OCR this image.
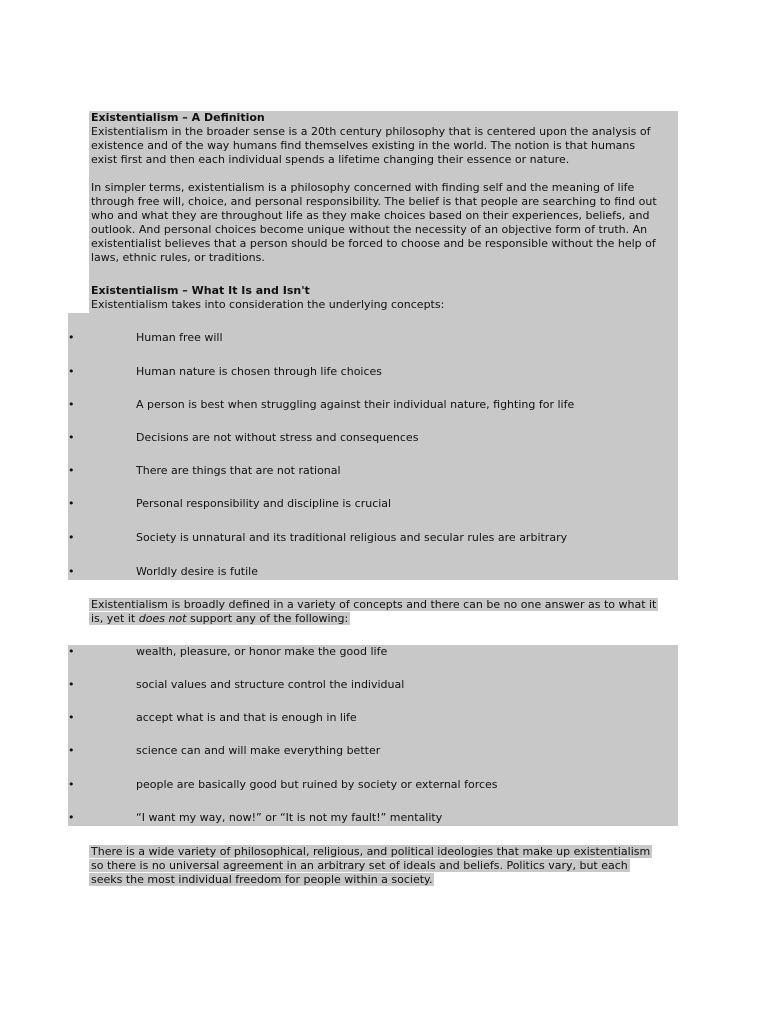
Existentialism – A Definition
Existentialism in the broader sense is a 20th century philosophy that is centered upon the analysis of
existence and of the way humans find themselves existing in the world. The notion is that humans
exist first and then each individual spends a lifetime changing their essence or nature.
In simpler terms, existentialism is a philosophy concerned with finding self and the meaning of life
through free will, choice, and personal responsibility. The belief is that people are searching to find out
who and what they are throughout life as they make choices based on their experiences, beliefs, and
outlook. And personal choices become unique without the necessity of an objective form of truth. An
existentialist believes that a person should be forced to choose and be responsible without the help of
laws, ethnic rules, or traditions.
Existentialism – What It Is and Isn't
Existentialism takes into consideration the underlying concepts:
•	Human free will
•	Human nature is chosen through life choices
•	A person is best when struggling against their individual nature, fighting for life
•	Decisions are not without stress and consequences
•	There are things that are not rational
•	Personal responsibility and discipline is crucial
•	Society is unnatural and its traditional religious and secular rules are arbitrary
•	Worldly desire is futile
Existentialism is broadly defined in a variety of concepts and there can be no one answer as to what it
is, yet it does not support any of the following:
•	wealth, pleasure, or honor make the good life
•	social values and structure control the individual
•	accept what is and that is enough in life
•	science can and will make everything better
•	people are basically good but ruined by society or external forces
•	“I want my way, now!” or “It is not my fault!” mentality
There is a wide variety of philosophical, religious, and political ideologies that make up existentialism
so there is no universal agreement in an arbitrary set of ideals and beliefs. Politics vary, but each
seeks the most individual freedom for people within a society.
